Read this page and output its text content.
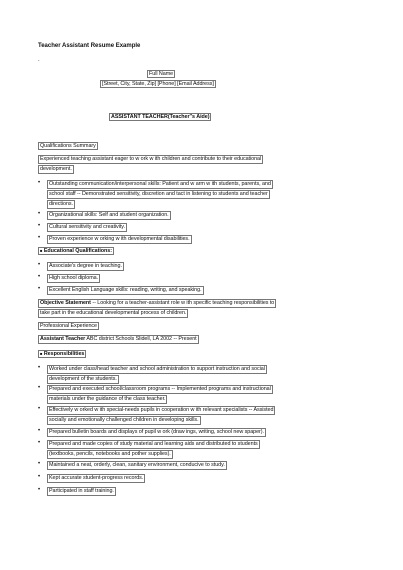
Teacher Assistant Resume Example
.
Full Name
[Street, City, State, Zip] [Phone] [Email Address]
ASSISTANT TEACHER(Teacher"s Aide)
Qualifications Summary
Experienced teaching assistant eager to w ork w ith children and contribute to their educational
development.
•	Outstanding communication/interpersonal skills: Patient and w arm w ith students, parents, and
school staff -- Demonstrated sensitivity, discretion and tact in listening to students and teacher
directions.
•	Organizational skills: Self and student organization.
•	Cultural sensitivity and creativity.
•	Proven experience w orking w ith developmental disabilities.
■ Educational Qualifications:
•	Associate's degree in teaching.
•	High school diploma.
•	Excellent English Language skills: reading, writing, and speaking.
Objective Statement -- Looking for a teacher-assistant role w ith specific teaching responsibilities to
take part in the educational developmental process of children.
Professional Experience
Assistant Teacher ABC district Schools Slidell, LA 2002 -- Present
■ Responsibilities
•	Worked under class/head teacher and school administration to support instruction and social
development of the students.
•	Prepared and executed school/classroom programs -- Implemented programs and instructional
materials under the guidance of the class teacher.
•	Effectively w orked w ith special-needs pupils in cooperation w ith relevant specialists -- Assisted
socially and emotionally challenged children in developing skills.
•	Prepared bulletin boards and displays of pupil w ork (draw ings, writing, school new spaper).
•	Prepared and made copies of study material and learning aids and distributed to students
(textbooks, pencils, notebooks and pother supplies).
•	Maintained a neat, orderly, clean, sanitary environment, conducive to study.
•	Kept accurate student-progress records.
•	Participated in staff training.
